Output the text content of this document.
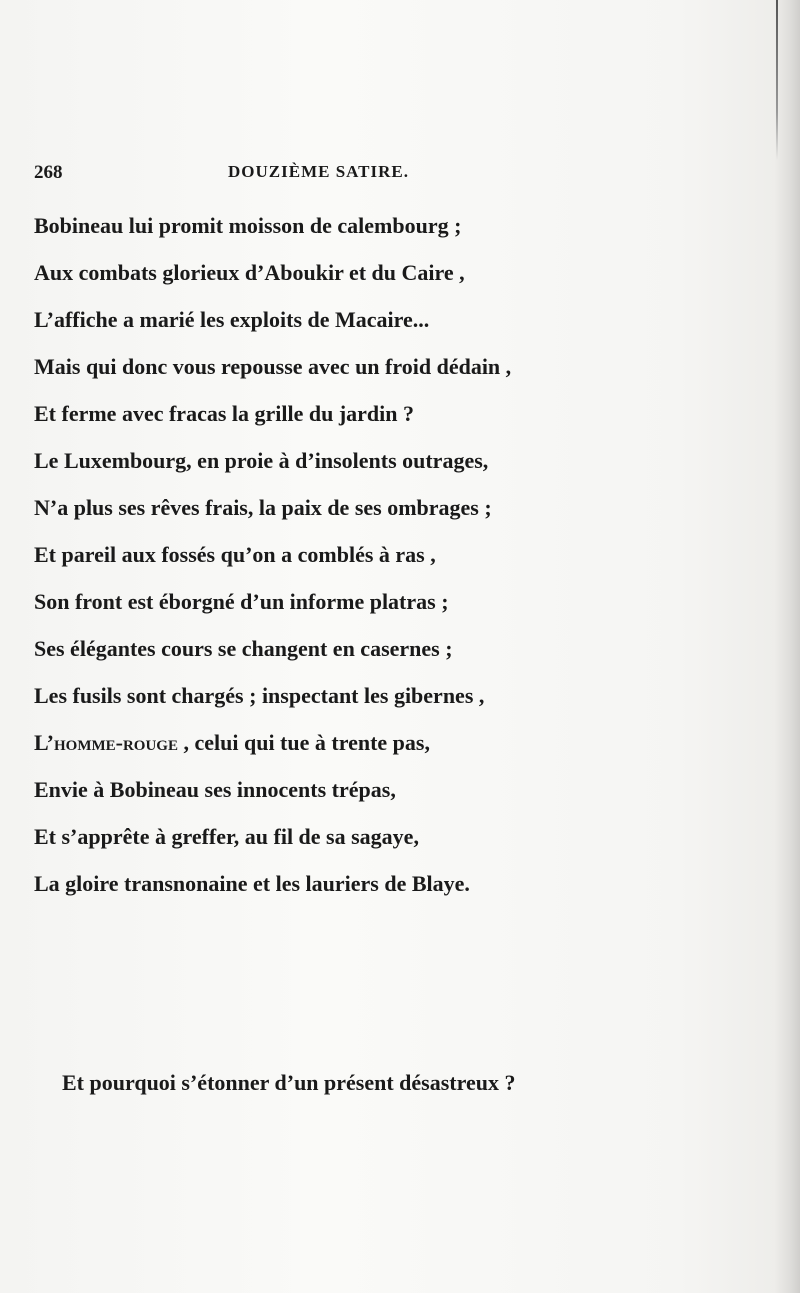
268	DOUZIÈME SATIRE.
Bobineau lui promit moisson de calembourg ;
Aux combats glorieux d’Aboukir et du Caire ,
L’affiche a marié les exploits de Macaire...
Mais qui donc vous repousse avec un froid dédain ,
Et ferme avec fracas la grille du jardin ?
Le Luxembourg, en proie à d’insolents outrages,
N’a plus ses rêves frais, la paix de ses ombrages ;
Et pareil aux fossés qu’on a comblés à ras ,
Son front est éborgné d’un informe platras ;
Ses élégantes cours se changent en casernes ;
Les fusils sont chargés ; inspectant les gibernes ,
L’homme-rouge , celui qui tue à trente pas,
Envie à Bobineau ses innocents trépas,
Et s’apprête à greffer, au fil de sa sagaye,
La gloire transnonaine et les lauriers de Blaye.
Et pourquoi s’étonner d’un présent désastreux ?
